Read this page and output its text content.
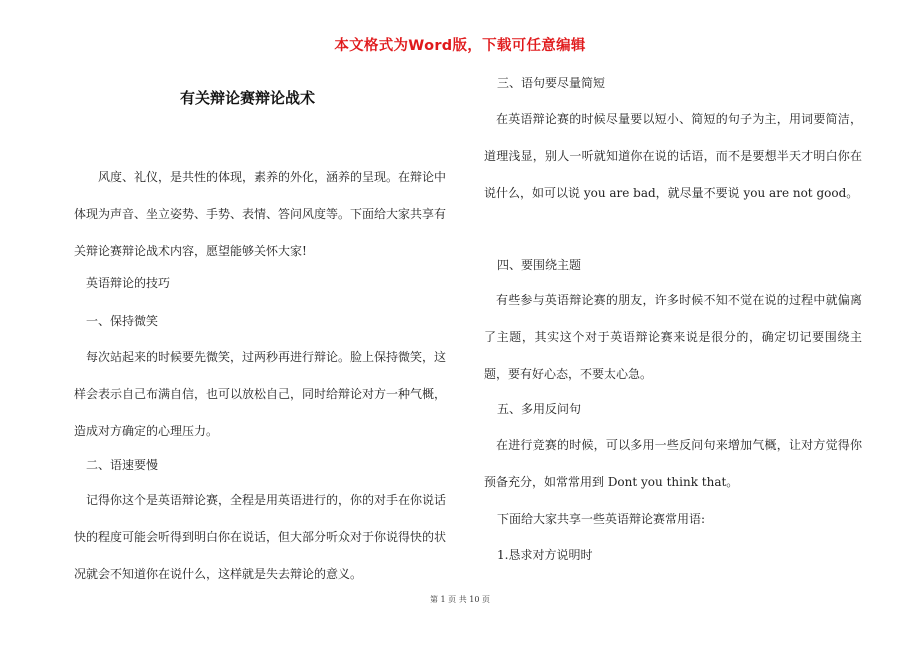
本文格式为Word版，下载可任意编辑
有关辩论赛辩论战术

风度、礼仪，是共性的体现，素养的外化，涵养的呈现。在辩论中体现为声音、坐立姿势、手势、表情、答问风度等。下面给大家共享有关辩论赛辩论战术内容，愿望能够关怀大家!

英语辩论的技巧

一、保持微笑

每次站起来的时候要先微笑，过两秒再进行辩论。脸上保持微笑，这样会表示自己布满自信，也可以放松自己，同时给辩论对方一种气概，造成对方确定的心理压力。

二、语速要慢

记得你这个是英语辩论赛，全程是用英语进行的，你的对手在你说话快的程度可能会听得到明白你在说话，但大部分听众对于你说得快的状况就会不知道你在说什么，这样就是失去辩论的意义。

三、语句要尽量简短

在英语辩论赛的时候尽量要以短小、简短的句子为主，用词要简洁，道理浅显，别人一听就知道你在说的话语，而不是要想半天才明白你在说什么，如可以说 you are bad，就尽量不要说 you are not good。

四、要围绕主题

有些参与英语辩论赛的朋友，许多时候不知不觉在说的过程中就偏离了主题，其实这个对于英语辩论赛来说是很分的，确定切记要围绕主题，要有好心态，不要太心急。

五、多用反问句

在进行竞赛的时候，可以多用一些反问句来增加气概，让对方觉得你预备充分，如常常用到 Dont you think that。

下面给大家共享一些英语辩论赛常用语:

1.恳求对方说明时

第 1 页 共 10 页
